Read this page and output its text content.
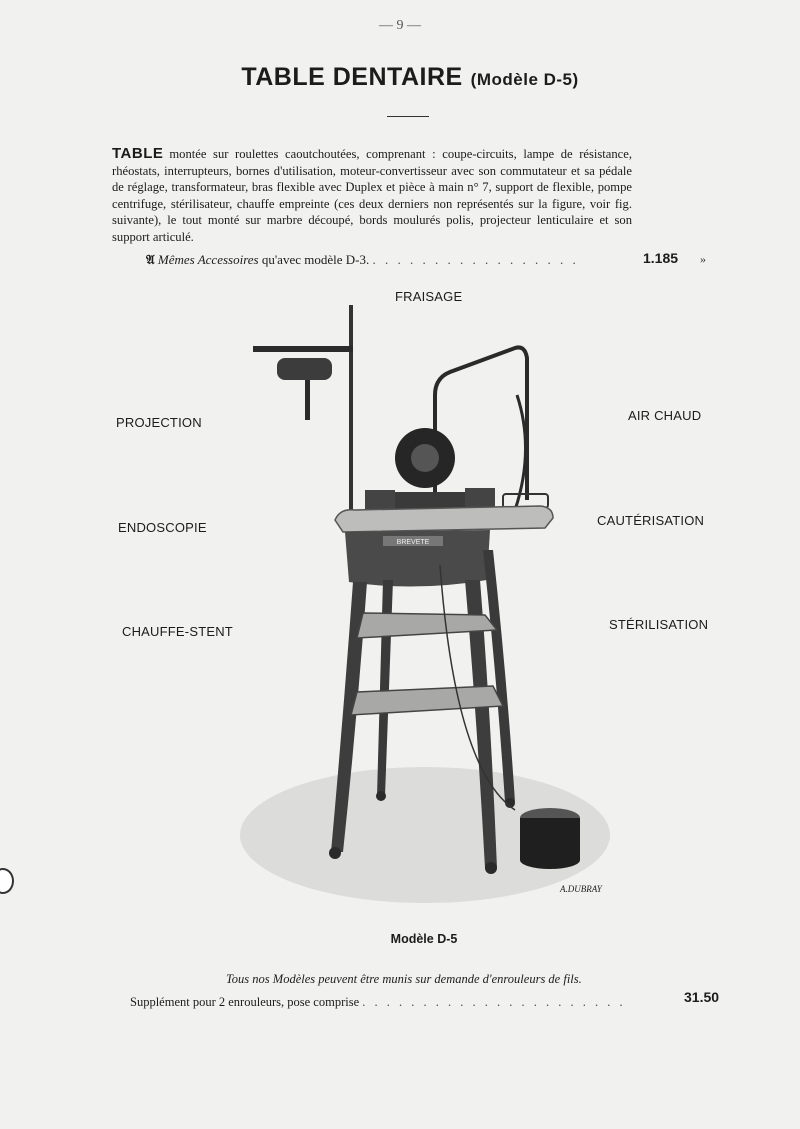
— 9 —
TABLE DENTAIRE (Modèle D-5)
TABLE montée sur roulettes caoutchoutées, comprenant : coupe-circuits, lampe de résistance, rhéostats, interrupteurs, bornes d'utilisation, moteur-convertisseur avec son commutateur et sa pédale de réglage, transformateur, bras flexible avec Duplex et pièce à main n° 7, support de flexible, pompe centrifuge, stérilisateur, chauffe empreinte (ces deux derniers non représentés sur la figure, voir fig. suivante), le tout monté sur marbre découpé, bords moulurés polis, projecteur lenticulaire et son support articulé.
𝔄 Mêmes Accessoires qu'avec modèle D-3. . . . . . . . . . . . . . . . . .	1.185 »
FRAISAGE
PROJECTION	AIR CHAUD
ENDOSCOPIE	CAUTÉRISATION
CHAUFFE-STENT	STÉRILISATION
BREVETE
A.DUBRAY
Modèle D-5
Tous nos Modèles peuvent être munis sur demande d'enrouleurs de fils.
Supplément pour 2 enrouleurs, pose comprise . . . . . . . . . . . . . . . . . . . . . .	31.50
